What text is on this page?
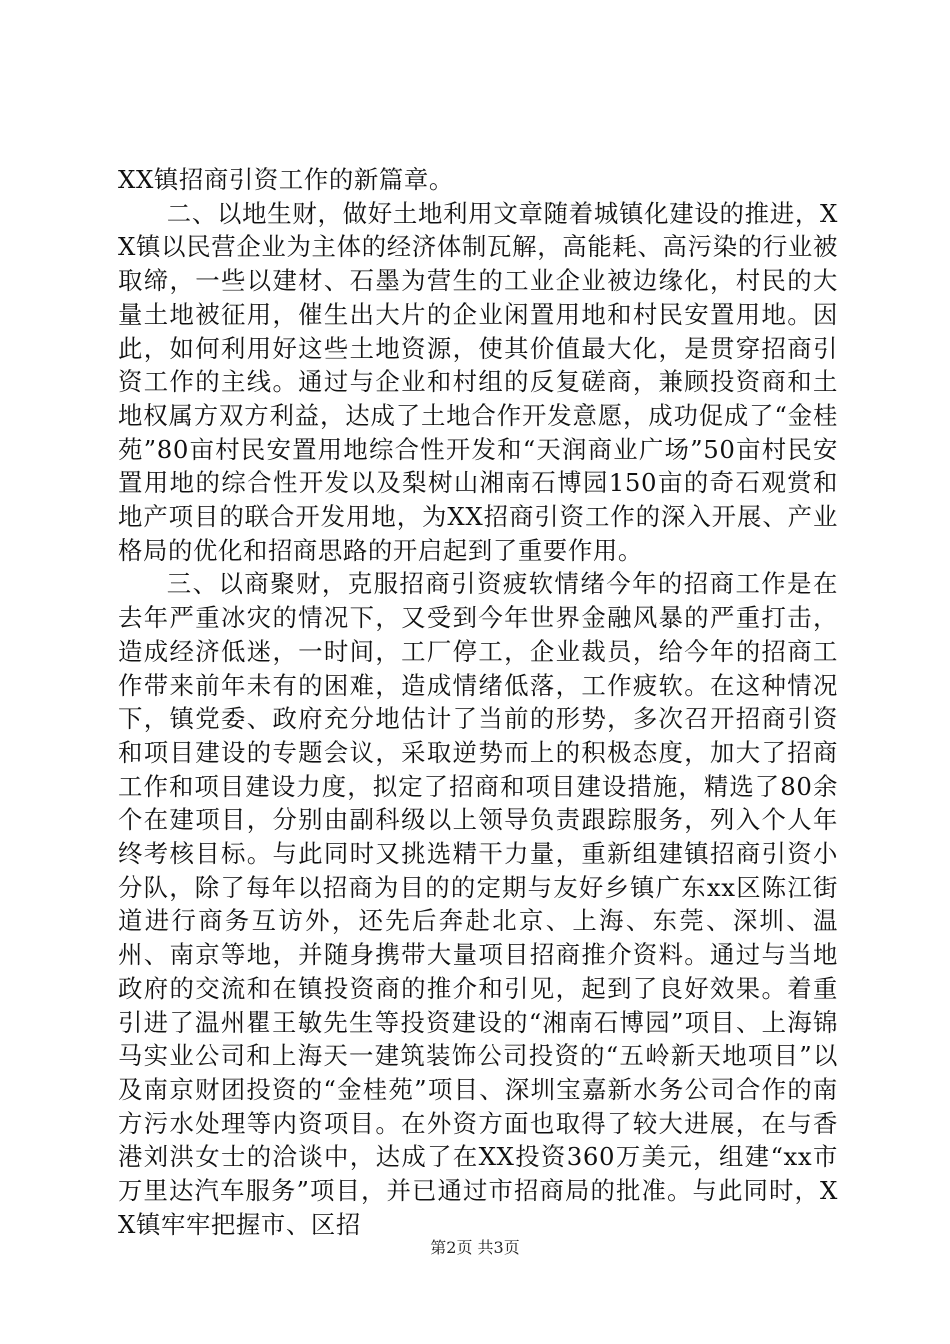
XX镇招商引资工作的新篇章。

二、以地生财，做好土地利用文章随着城镇化建设的推进，XX镇以民营企业为主体的经济体制瓦解，高能耗、高污染的行业被取缔，一些以建材、石墨为营生的工业企业被边缘化，村民的大量土地被征用，催生出大片的企业闲置用地和村民安置用地。因此，如何利用好这些土地资源，使其价值最大化，是贯穿招商引资工作的主线。通过与企业和村组的反复磋商，兼顾投资商和土地权属方双方利益，达成了土地合作开发意愿，成功促成了“金桂苑”80亩村民安置用地综合性开发和“天润商业广场”50亩村民安置用地的综合性开发以及梨树山湘南石博园150亩的奇石观赏和地产项目的联合开发用地，为XX招商引资工作的深入开展、产业格局的优化和招商思路的开启起到了重要作用。

三、以商聚财，克服招商引资疲软情绪今年的招商工作是在去年严重冰灾的情况下，又受到今年世界金融风暴的严重打击，造成经济低迷，一时间，工厂停工，企业裁员，给今年的招商工作带来前年未有的困难，造成情绪低落，工作疲软。在这种情况下，镇党委、政府充分地估计了当前的形势，多次召开招商引资和项目建设的专题会议，采取逆势而上的积极态度，加大了招商工作和项目建设力度，拟定了招商和项目建设措施，精选了80余个在建项目，分别由副科级以上领导负责跟踪服务，列入个人年终考核目标。与此同时又挑选精干力量，重新组建镇招商引资小分队，除了每年以招商为目的的定期与友好乡镇广东xx区陈江街道进行商务互访外，还先后奔赴北京、上海、东莞、深圳、温州、南京等地，并随身携带大量项目招商推介资料。通过与当地政府的交流和在镇投资商的推介和引见，起到了良好效果。着重引进了温州瞿王敏先生等投资建设的“湘南石博园”项目、上海锦马实业公司和上海天一建筑装饰公司投资的“五岭新天地项目”以及南京财团投资的“金桂苑”项目、深圳宝嘉新水务公司合作的南方污水处理等内资项目。在外资方面也取得了较大进展，在与香港刘洪女士的洽谈中，达成了在XX投资360万美元，组建“xx市万里达汽车服务”项目，并已通过市招商局的批准。与此同时，XX镇牢牢把握市、区招

第2页 共3页
